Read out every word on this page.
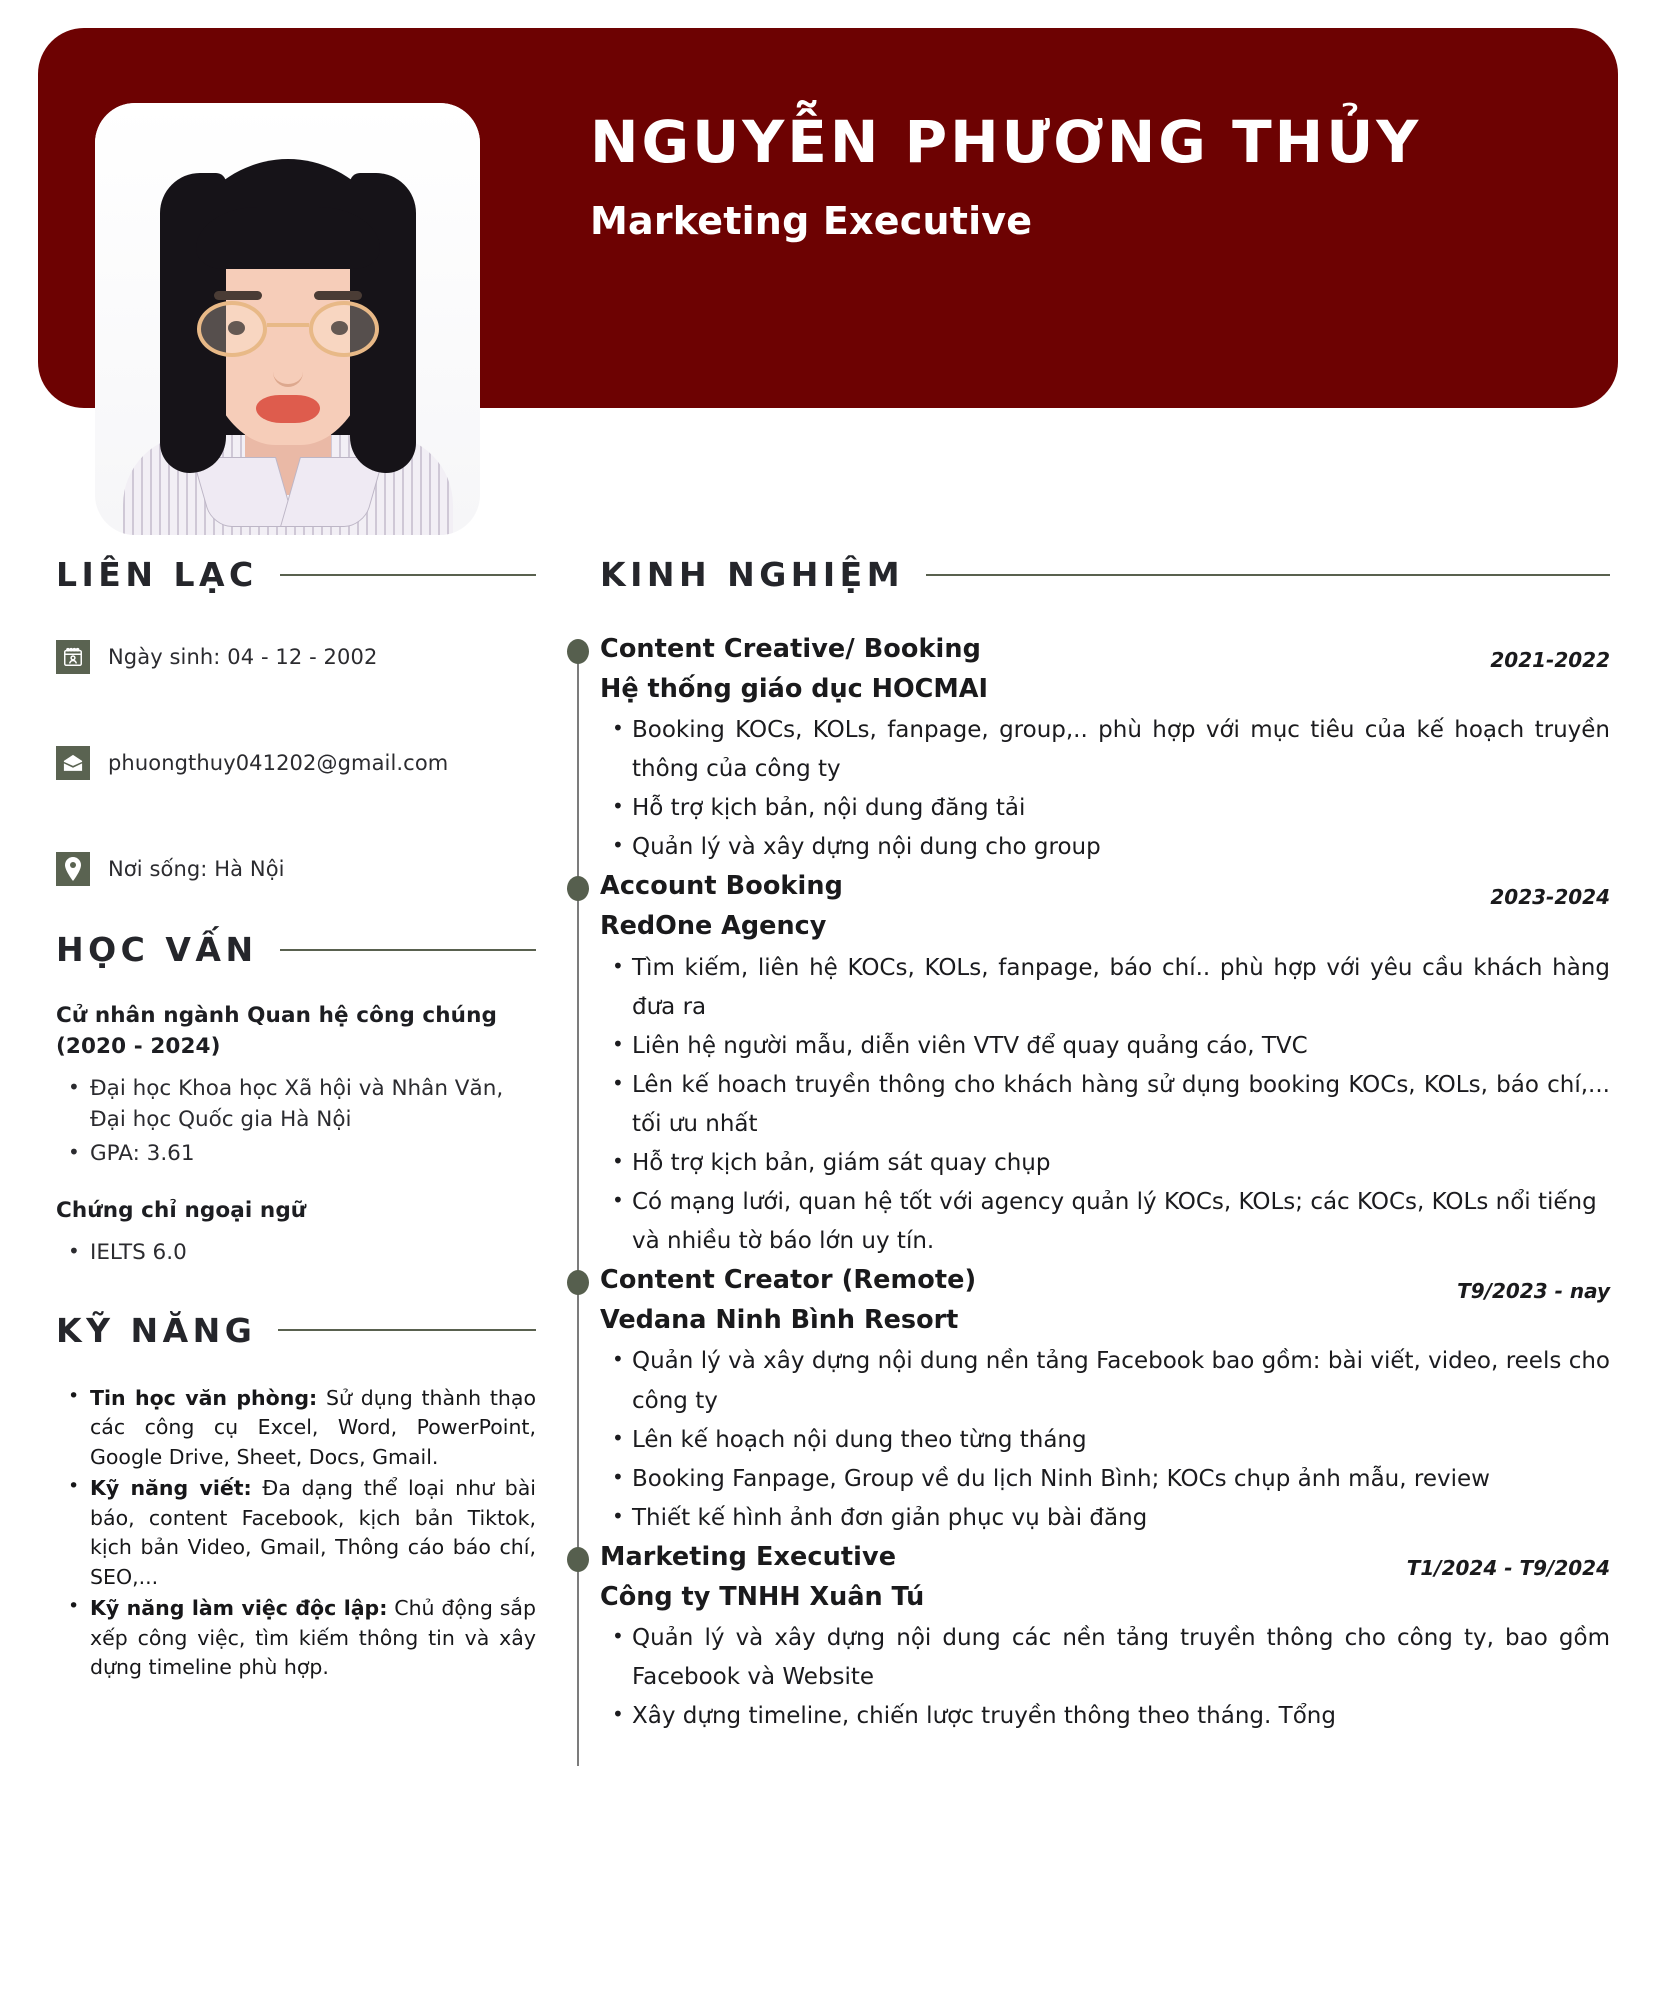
NGUYỄN PHƯƠNG THỦY
Marketing Executive
LIÊN LẠC
Ngày sinh: 04 - 12 - 2002
phuongthuy041202@gmail.com
Nơi sống: Hà Nội
HỌC VẤN
Cử nhân ngành Quan hệ công chúng (2020 - 2024)
• Đại học Khoa học Xã hội và Nhân Văn, Đại học Quốc gia Hà Nội
• GPA: 3.61
Chứng chỉ ngoại ngữ
• IELTS 6.0
KỸ NĂNG
• Tin học văn phòng: Sử dụng thành thạo các công cụ Excel, Word, PowerPoint, Google Drive, Sheet, Docs, Gmail.
• Kỹ năng viết: Đa dạng thể loại như bài báo, content Facebook, kịch bản Tiktok, kịch bản Video, Gmail, Thông cáo báo chí, SEO,...
• Kỹ năng làm việc độc lập: Chủ động sắp xếp công việc, tìm kiếm thông tin và xây dựng timeline phù hợp.
KINH NGHIỆM
Content Creative/ Booking	2021-2022
Hệ thống giáo dục HOCMAI
• Booking KOCs, KOLs, fanpage, group,.. phù hợp với mục tiêu của kế hoạch truyền thông của công ty
• Hỗ trợ kịch bản, nội dung đăng tải
• Quản lý và xây dựng nội dung cho group
Account Booking	2023-2024
RedOne Agency
• Tìm kiếm, liên hệ KOCs, KOLs, fanpage, báo chí.. phù hợp với yêu cầu khách hàng đưa ra
• Liên hệ người mẫu, diễn viên VTV để quay quảng cáo, TVC
• Lên kế hoach truyền thông cho khách hàng sử dụng booking KOCs, KOLs, báo chí,... tối ưu nhất
• Hỗ trợ kịch bản, giám sát quay chụp
• Có mạng lưới, quan hệ tốt với agency quản lý KOCs, KOLs; các KOCs, KOLs nổi tiếng và nhiều tờ báo lớn uy tín.
Content Creator (Remote)	T9/2023 - nay
Vedana Ninh Bình Resort
• Quản lý và xây dựng nội dung nền tảng Facebook bao gồm: bài viết, video, reels cho công ty
• Lên kế hoạch nội dung theo từng tháng
• Booking Fanpage, Group về du lịch Ninh Bình; KOCs chụp ảnh mẫu, review
• Thiết kế hình ảnh đơn giản phục vụ bài đăng
Marketing Executive	T1/2024 - T9/2024
Công ty TNHH Xuân Tú
• Quản lý và xây dựng nội dung các nền tảng truyền thông cho công ty, bao gồm Facebook và Website
• Xây dựng timeline, chiến lược truyền thông theo tháng. Tổng
